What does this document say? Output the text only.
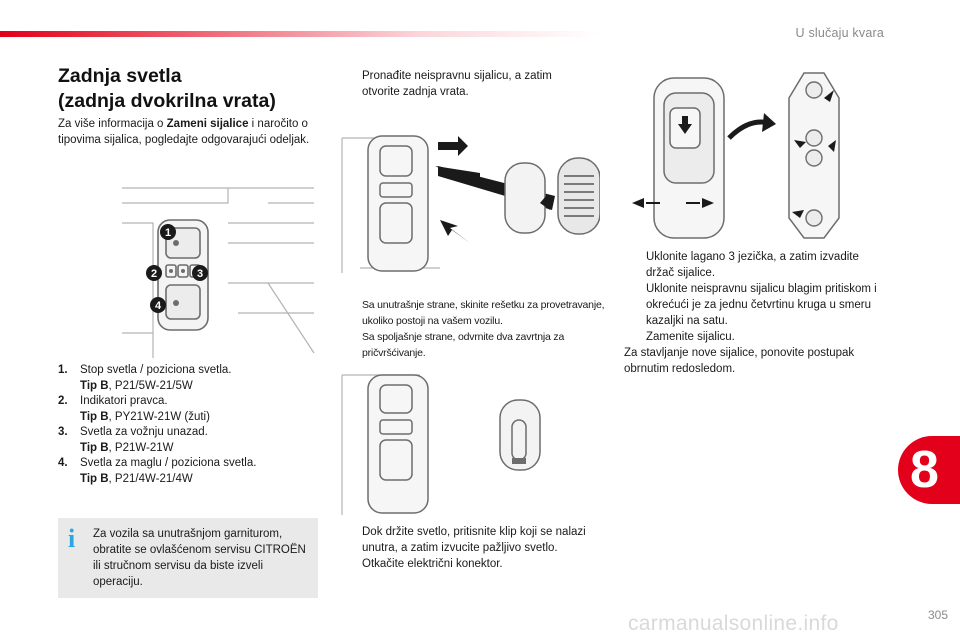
U slučaju kvara
Zadnja svetla
(zadnja dvokrilna vrata)
Za više informacija o Zameni sijalice i naročito o tipovima sijalica, pogledajte odgovarajući odeljak.
1
2	3
4
1.	Stop svetla / poziciona svetla.
Tip B, P21/5W-21/5W
2.	Indikatori pravca.
Tip B, PY21W-21W (žuti)
3.	Svetla za vožnju unazad.
Tip B, P21W-21W
4.	Svetla za maglu / poziciona svetla.
Tip B, P21/4W-21/4W
i	Za vozila sa unutrašnjom garniturom, obratite se ovlašćenom servisu CITROËN ili stručnom servisu da biste izveli operaciju.
Pronađite neispravnu sijalicu, a zatim otvorite zadnja vrata.
Sa unutrašnje strane, skinite rešetku za provetravanje, ukoliko postoji na vašem vozilu.
Sa spoljašnje strane, odvrnite dva zavrtnja za pričvršćivanje.
Dok držite svetlo, pritisnite klip koji se nalazi unutra, a zatim izvucite pažljivo svetlo.
Otkačite električni konektor.
Uklonite lagano 3 jezička, a zatim izvadite držač sijalice.
Uklonite neispravnu sijalicu blagim pritiskom i okrećući je za jednu četvrtinu kruga u smeru kazaljki na satu.
Zamenite sijalicu.
Za stavljanje nove sijalice, ponovite postupak obrnutim redosledom.
8
305
carmanualsonline.info
